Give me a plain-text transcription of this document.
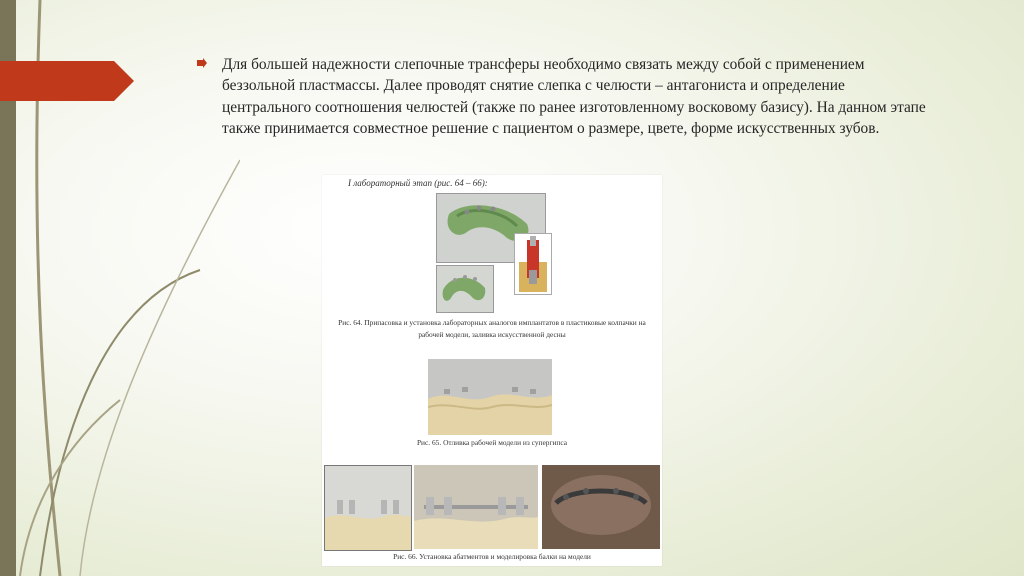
Для большей надежности слепочные трансферы необходимо связать между собой с применением беззольной пластмассы. Далее проводят снятие слепка с челюсти – антагониста и определение центрального соотношения челюстей (также по ранее изготовленному восковому базису). На данном этапе также принимается совместное решение с пациентом о размере, цвете, форме искусственных зубов.

I лабораторный этап (рис. 64 – 66):
Рис. 64. Припасовка и установка лабораторных аналогов имплантатов в пластиковые колпачки на рабочей модели, заливка искусственной десны
Рис. 65. Отливка рабочей модели из супергипса
Рис. 66. Установка абатментов и моделировка балки на модели
